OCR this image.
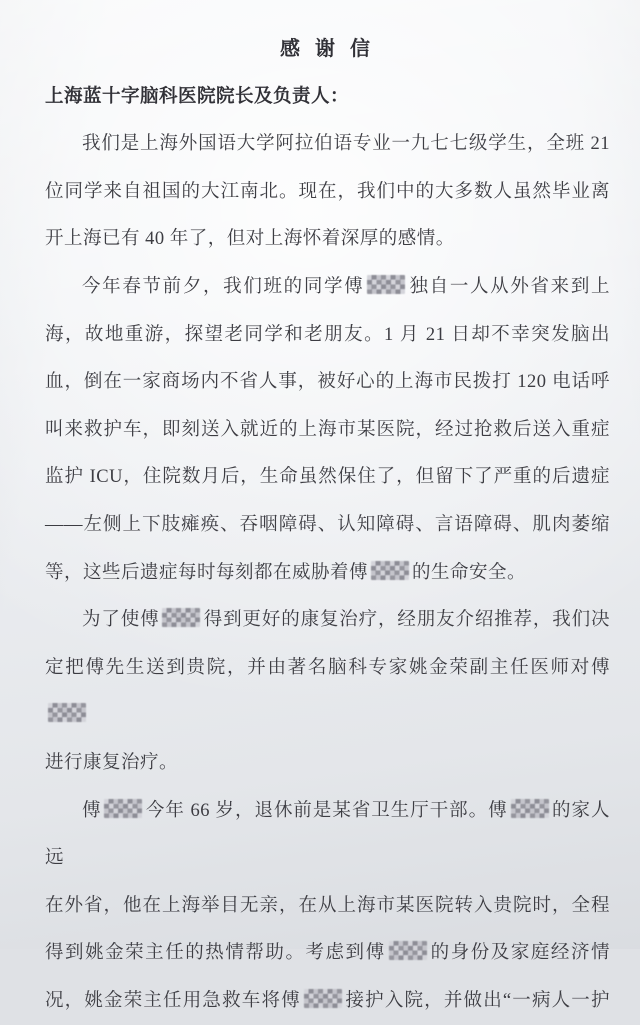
感 谢 信
上海蓝十字脑科医院院长及负责人：
我们是上海外国语大学阿拉伯语专业一九七七级学生，全班 21
位同学来自祖国的大江南北。现在，我们中的大多数人虽然毕业离
开上海已有 40 年了，但对上海怀着深厚的感情。
今年春节前夕，我们班的同学傅 独自一人从外省来到上
海，故地重游，探望老同学和老朋友。1 月 21 日却不幸突发脑出
血，倒在一家商场内不省人事，被好心的上海市民拨打 120 电话呼
叫来救护车，即刻送入就近的上海市某医院，经过抢救后送入重症
监护 ICU，住院数月后，生命虽然保住了，但留下了严重的后遗症
——左侧上下肢瘫痪、吞咽障碍、认知障碍、言语障碍、肌肉萎缩
等，这些后遗症每时每刻都在威胁着傅 的生命安全。
为了使傅 得到更好的康复治疗，经朋友介绍推荐，我们决
定把傅先生送到贵院，并由著名脑科专家姚金荣副主任医师对傅
进行康复治疗。
傅 今年 66 岁，退休前是某省卫生厅干部。傅 的家人远
在外省，他在上海举目无亲，在从上海市某医院转入贵院时，全程
得到姚金荣主任的热情帮助。考虑到傅 的身份及家庭经济情
况，姚金荣主任用急救车将傅 接护入院，并做出“一病人一护
